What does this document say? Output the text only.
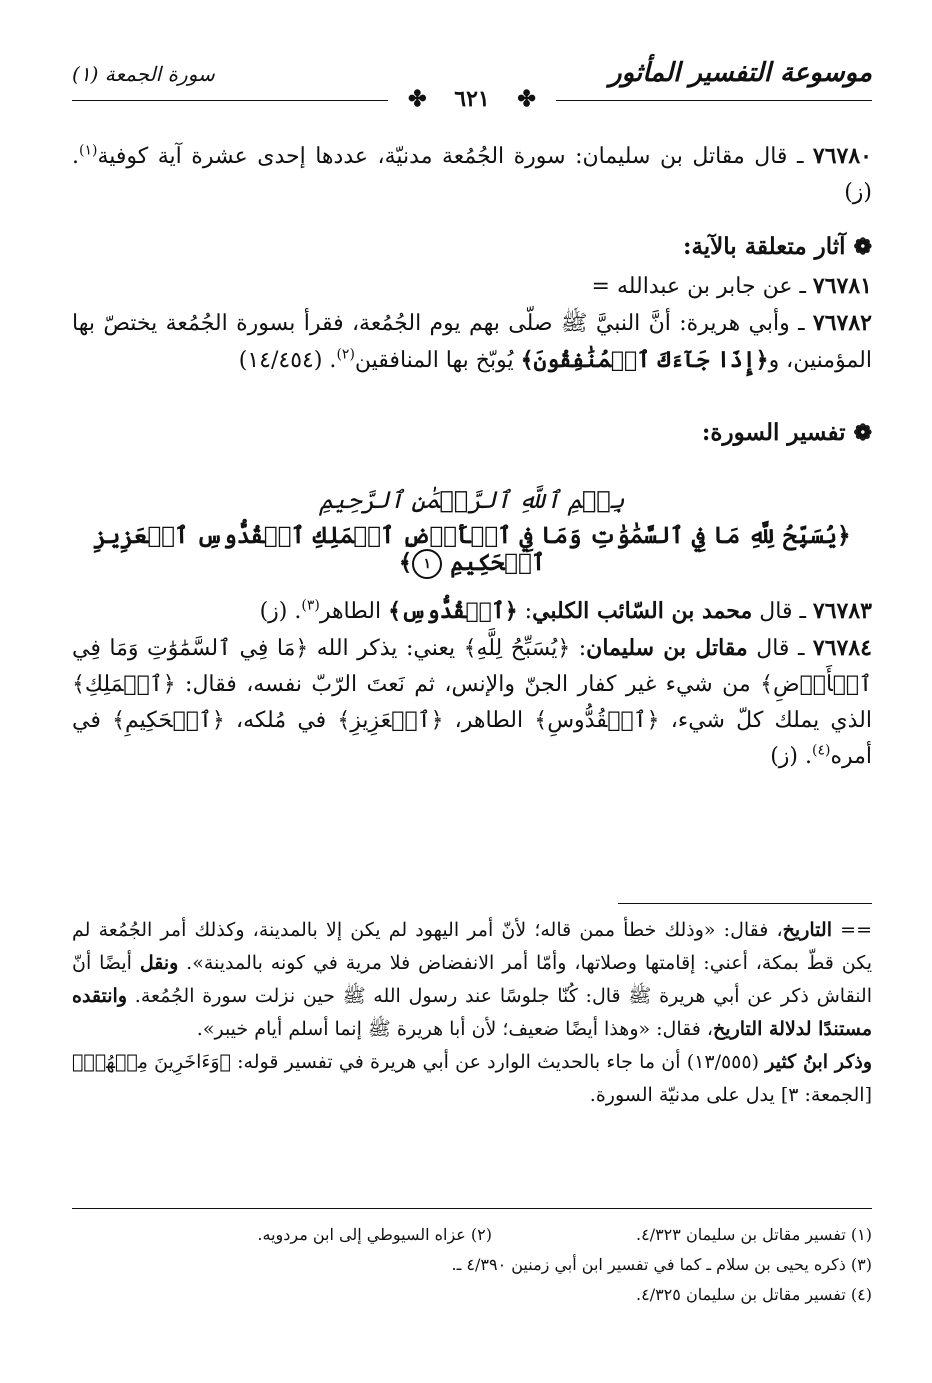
موسوعة التفسير المأثور
سورة الجمعة (١)
✤ ٦٢١ ✤

٧٦٧٨٠ ـ قال مقاتل بن سليمان: سورة الجُمُعة مدنيّة، عددها إحدى عشرة آية كوفية$^{(١)}$. (ز)

❁آثار متعلقة بالآية:

٧٦٧٨١ ـ عن جابر بن عبدالله =

٧٦٧٨٢ ـ وأبي هريرة: أنَّ النبيَّ ﷺ صلّى بهم يوم الجُمُعة، فقرأ بسورة الجُمُعة يختصّ بها المؤمنين، و﴿إِذَا جَآءَكَ ٱلۡمُنَٰفِقُونَ﴾ يُوبّخ بها المنافقين$^{(٢)}$. (١٤/٤٥٤)

❁تفسير السورة:

بِسۡمِ ٱللَّهِ ٱلرَّحۡمَٰنِ ٱلرَّحِيمِ

﴿يُسَبِّحُ لِلَّهِ مَا فِي ٱلسَّمَٰوَٰتِ وَمَا فِي ٱلۡأَرۡضِ ٱلۡمَلِكِ ٱلۡقُدُّوسِ ٱلۡعَزِيزِ ٱلۡحَكِيمِ ١﴾

٧٦٧٨٣ ـ قال محمد بن السّائب الكلبي: ﴿ٱلۡقُدُّوسِ﴾ الطاهر$^{(٣)}$. (ز)

٧٦٧٨٤ ـ قال مقاتل بن سليمان: ﴿يُسَبِّحُ لِلَّهِ﴾ يعني: يذكر الله ﴿مَا فِي ٱلسَّمَٰوَٰتِ وَمَا فِي ٱلۡأَرۡضِ﴾ من شيء غير كفار الجنّ والإنس، ثم نَعتَ الرّبّ نفسه، فقال: ﴿ٱلۡمَلِكِ﴾ الذي يملك كلّ شيء، ﴿ٱلۡقُدُّوسِ﴾ الطاهر، ﴿ٱلۡعَزِيزِ﴾ في مُلكه، ﴿ٱلۡحَكِيمِ﴾ في أمره$^{(٤)}$. (ز)

== التاريخ، فقال: «وذلك خطأ ممن قاله؛ لأنّ أمر اليهود لم يكن إلا بالمدينة، وكذلك أمر الجُمُعة لم يكن قطّ بمكة، أعني: إقامتها وصلاتها، وأمّا أمر الانفضاض فلا مرية في كونه بالمدينة». ونقل أيضًا أنّ النقاش ذكر عن أبي هريرة ﷺ قال: كُنّا جلوسًا عند رسول الله ﷺ حين نزلت سورة الجُمُعة. وانتقده مستندًا لدلالة التاريخ، فقال: «وهذا أيضًا ضعيف؛ لأن أبا هريرة ﷺ إنما أسلم أيام خيبر».

وذكر ابنُ كثير (١٣/٥٥٥) أن ما جاء بالحديث الوارد عن أبي هريرة في تفسير قوله: ﴿وَءَاخَرِينَ مِنۡهُمۡ﴾ [الجمعة: ٣] يدل على مدنيّة السورة.

(١) تفسير مقاتل بن سليمان ٤/٣٢٣.
(٢) عزاه السيوطي إلى ابن مردويه.
(٣) ذكره يحيى بن سلام ـ كما في تفسير ابن أبي زمنين ٤/٣٩٠ ـ.
(٤) تفسير مقاتل بن سليمان ٤/٣٢٥.
